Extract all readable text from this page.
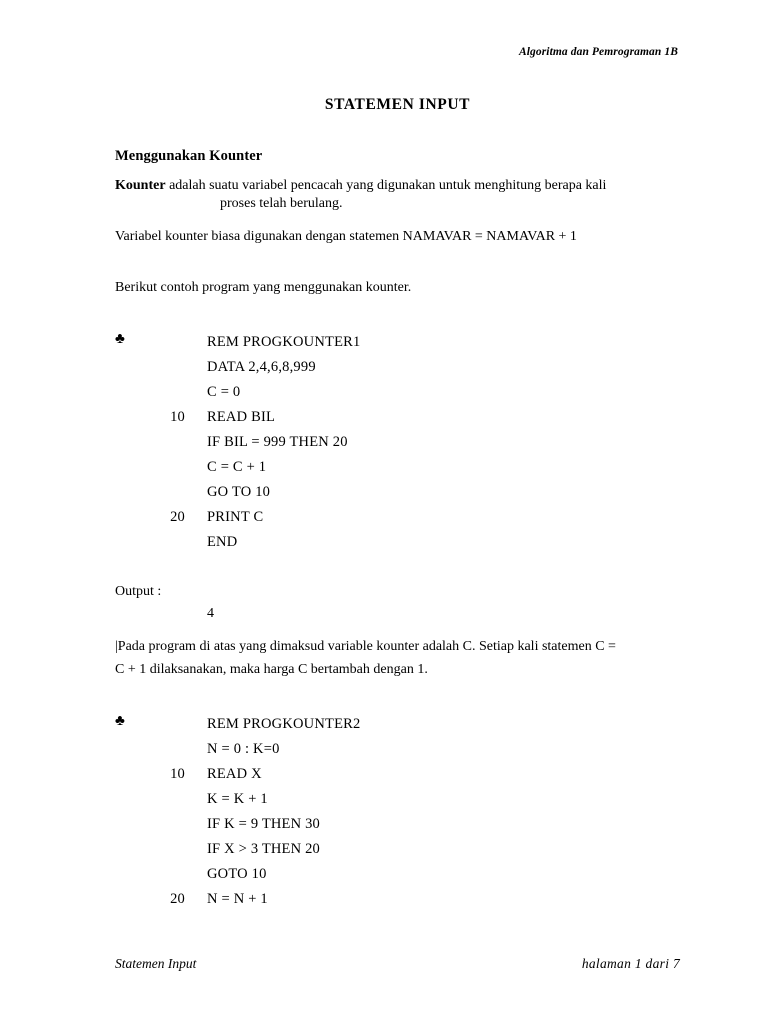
Algoritma dan Pemrograman 1B
STATEMEN INPUT
Menggunakan Kounter
Kounter adalah suatu variabel pencacah yang digunakan untuk menghitung berapa kali
proses telah berulang.
Variabel kounter biasa digunakan dengan statemen NAMAVAR = NAMAVAR + 1
Berikut contoh program yang menggunakan kounter.
♣	REM PROGKOUNTER1
DATA 2,4,6,8,999
C = 0
10	READ BIL
IF BIL = 999 THEN 20
C = C + 1
GO TO 10
20	PRINT C
END
Output :
4
|Pada program di atas yang dimaksud variable kounter adalah C. Setiap kali statemen C =
C + 1 dilaksanakan, maka harga C bertambah dengan 1.
♣	REM PROGKOUNTER2
N = 0 : K=0
10	READ X
K = K + 1
IF K = 9 THEN 30
IF X > 3 THEN 20
GOTO 10
20	N = N + 1
Statemen Input	halaman 1 dari 7
